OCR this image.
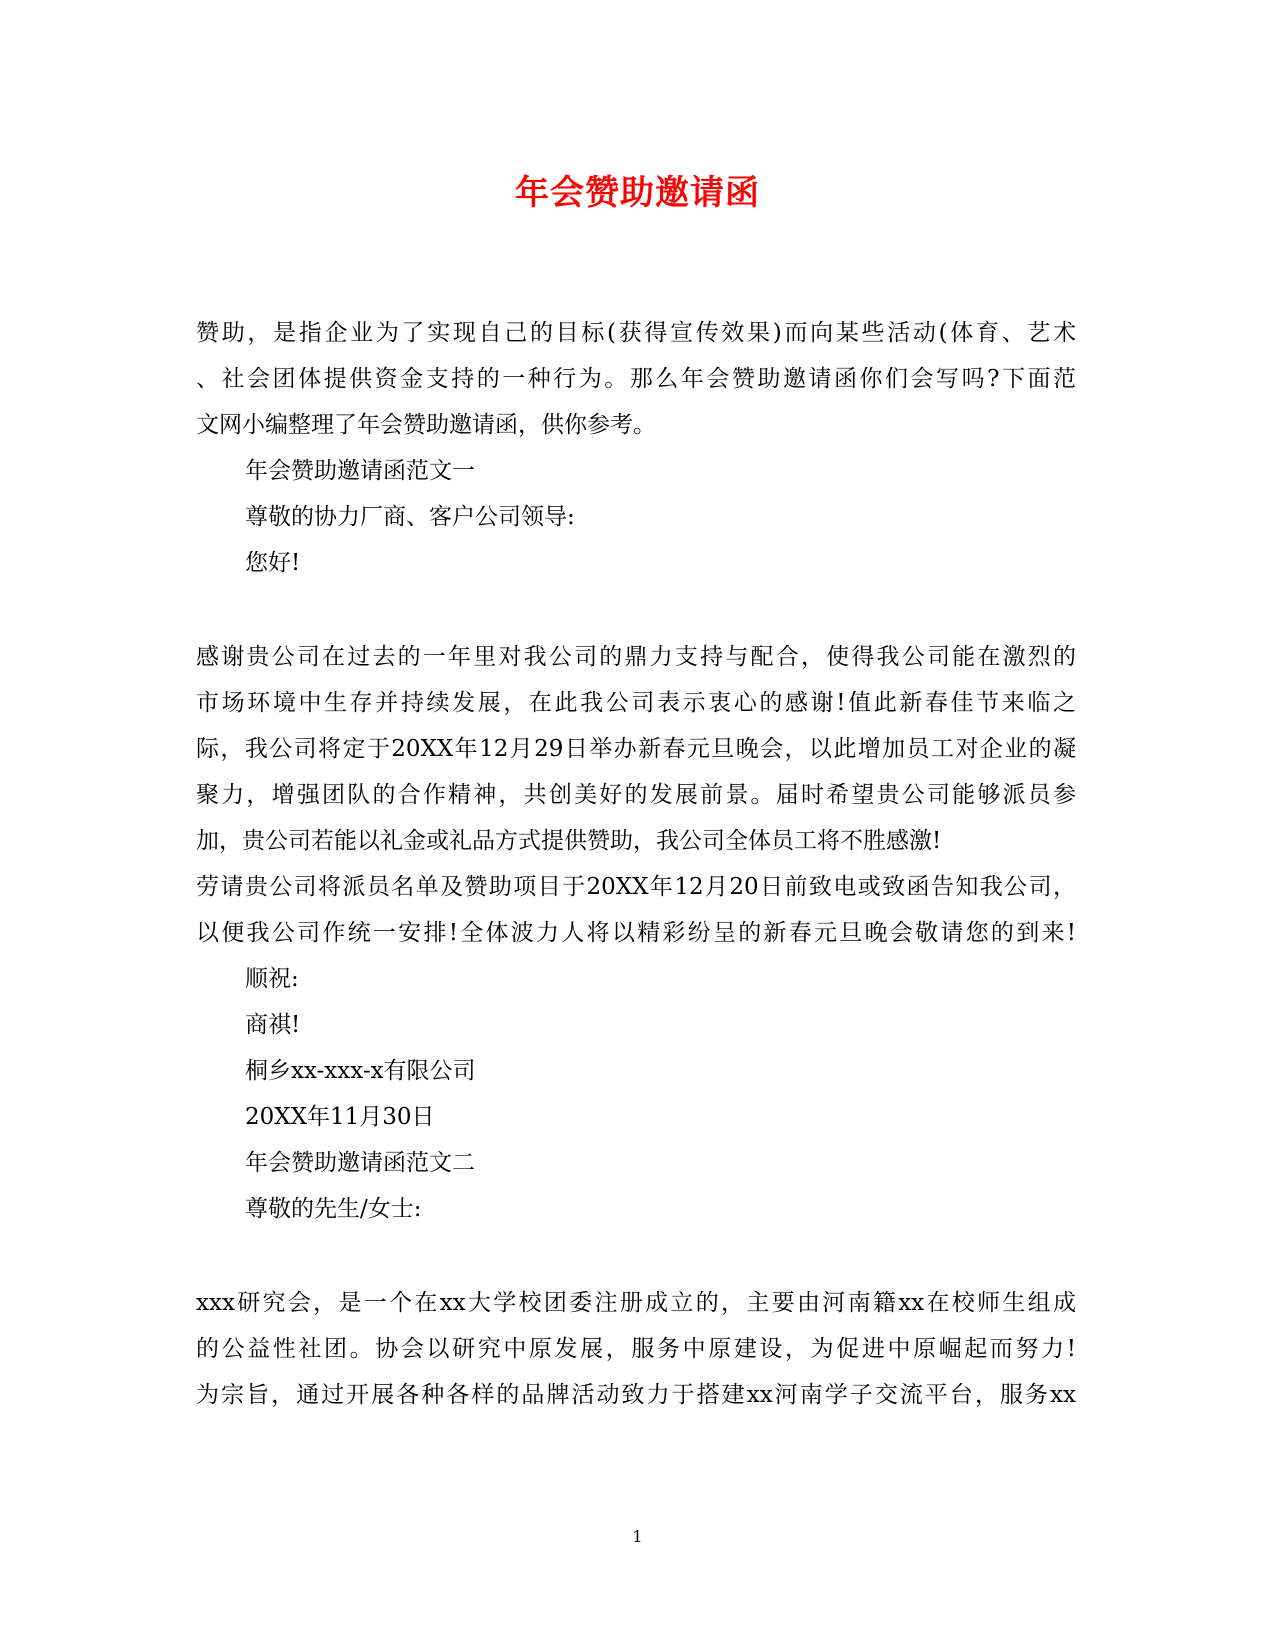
年会赞助邀请函
赞助，是指企业为了实现自己的目标(获得宣传效果)而向某些活动(体育、艺术
、社会团体提供资金支持的一种行为。那么年会赞助邀请函你们会写吗?下面范
文网小编整理了年会赞助邀请函，供你参考。
年会赞助邀请函范文一
尊敬的协力厂商、客户公司领导:
您好!
感谢贵公司在过去的一年里对我公司的鼎力支持与配合，使得我公司能在激烈的
市场环境中生存并持续发展，在此我公司表示衷心的感谢!值此新春佳节来临之
际，我公司将定于20XX年12月29日举办新春元旦晚会，以此增加员工对企业的凝
聚力，增强团队的合作精神，共创美好的发展前景。届时希望贵公司能够派员参
加，贵公司若能以礼金或礼品方式提供赞助，我公司全体员工将不胜感激!
劳请贵公司将派员名单及赞助项目于20XX年12月20日前致电或致函告知我公司，
以便我公司作统一安排!全体波力人将以精彩纷呈的新春元旦晚会敬请您的到来!
顺祝:
商祺!
桐乡xx-xxx-x有限公司
20XX年11月30日
年会赞助邀请函范文二
尊敬的先生/女士:
xxx研究会，是一个在xx大学校团委注册成立的，主要由河南籍xx在校师生组成
的公益性社团。协会以研究中原发展，服务中原建设，为促进中原崛起而努力!
为宗旨，通过开展各种各样的品牌活动致力于搭建xx河南学子交流平台，服务xx
1
